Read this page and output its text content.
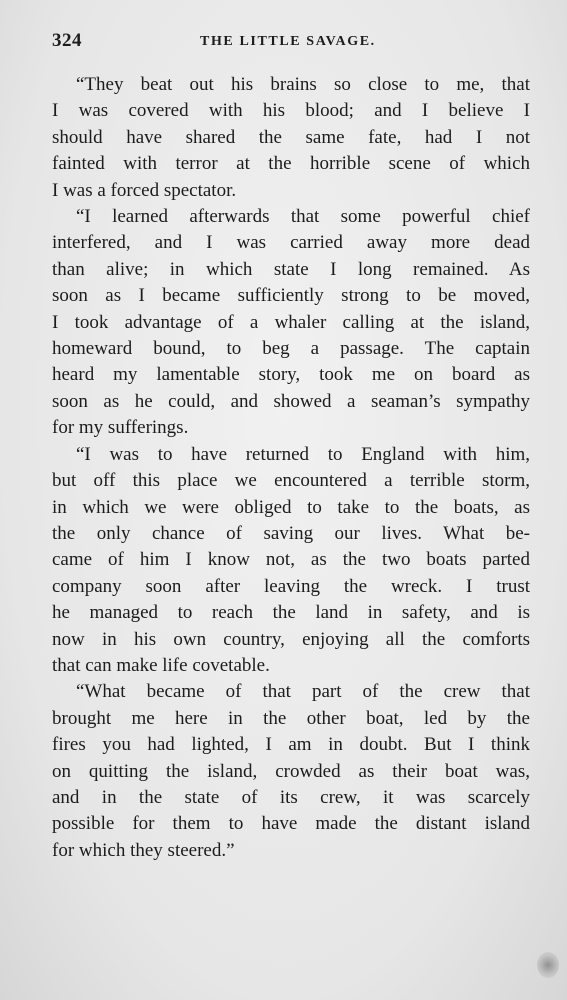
324	THE LITTLE SAVAGE.

“They beat out his brains so close to me, that
I was covered with his blood; and I believe I
should have shared the same fate, had I not
fainted with terror at the horrible scene of which
I was a forced spectator.

“I learned afterwards that some powerful chief
interfered, and I was carried away more dead
than alive; in which state I long remained. As
soon as I became sufficiently strong to be moved,
I took advantage of a whaler calling at the island,
homeward bound, to beg a passage. The captain
heard my lamentable story, took me on board as
soon as he could, and showed a seaman’s sympathy
for my sufferings.

“I was to have returned to England with him,
but off this place we encountered a terrible storm,
in which we were obliged to take to the boats, as
the only chance of saving our lives. What be-
came of him I know not, as the two boats parted
company soon after leaving the wreck. I trust
he managed to reach the land in safety, and is
now in his own country, enjoying all the comforts
that can make life covetable.

“What became of that part of the crew that
brought me here in the other boat, led by the
fires you had lighted, I am in doubt. But I think
on quitting the island, crowded as their boat was,
and in the state of its crew, it was scarcely
possible for them to have made the distant island
for which they steered.”
